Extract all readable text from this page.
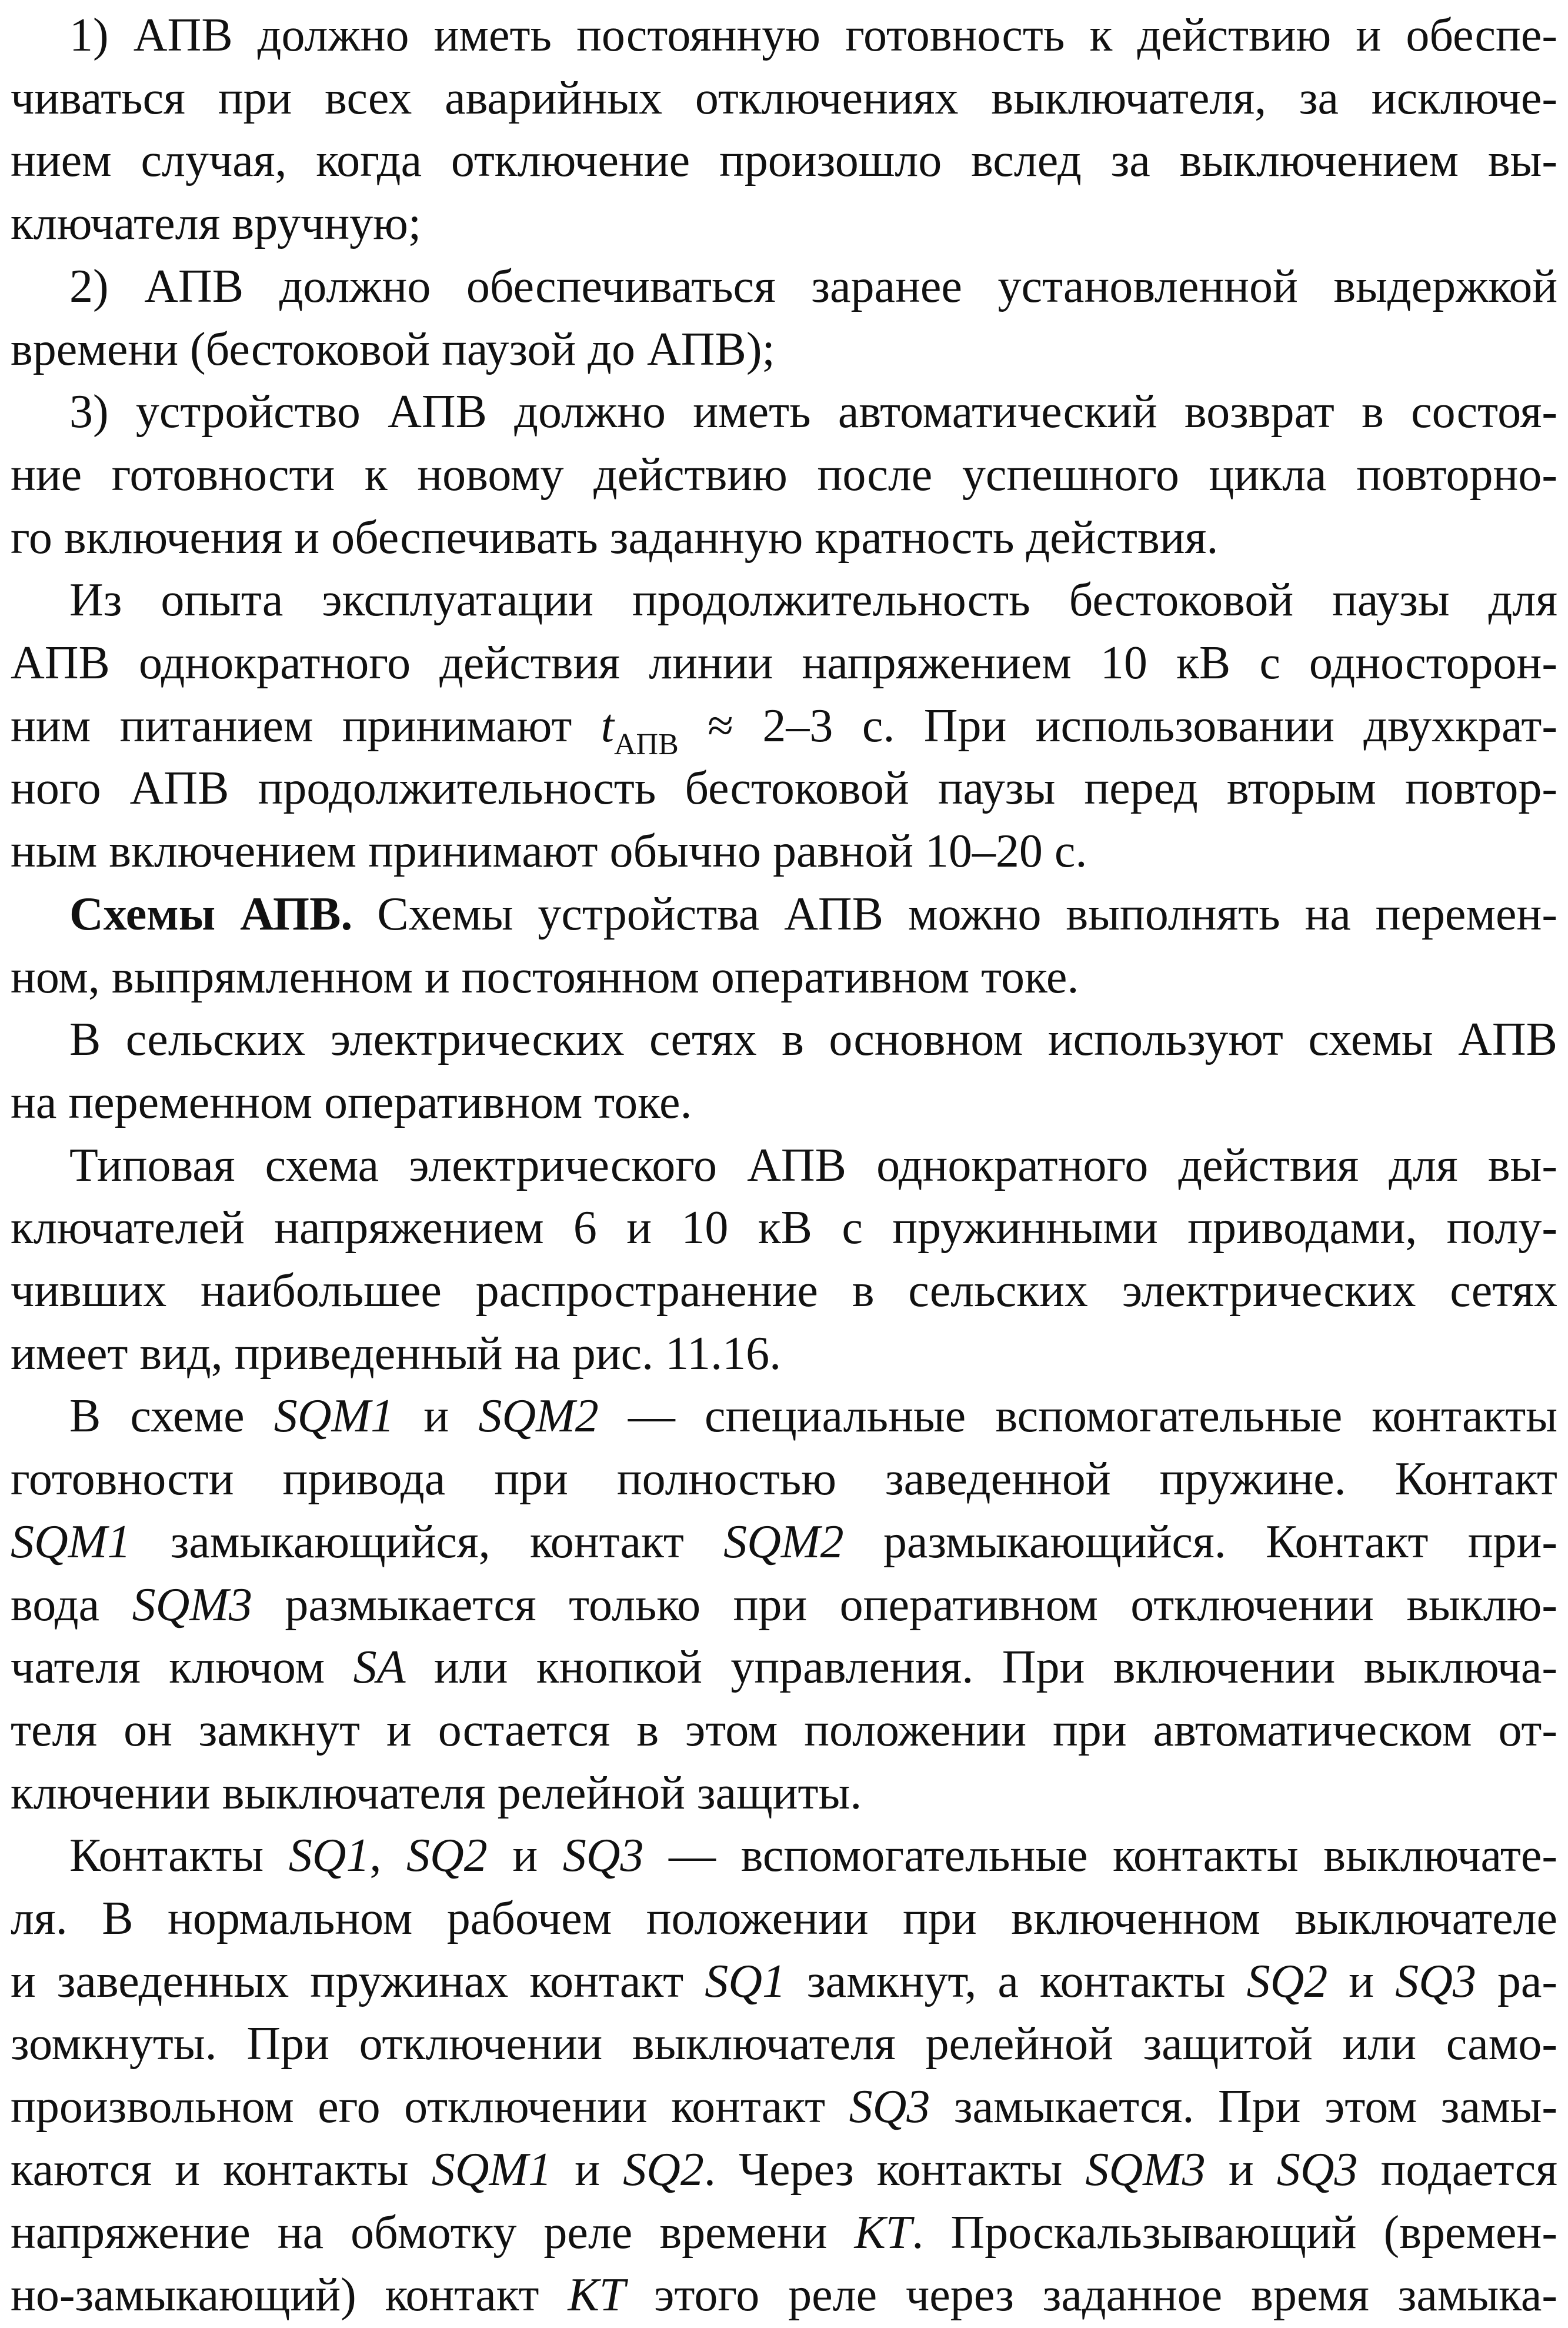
1) АПВ должно иметь постоянную готовность к действию и обеспе-
чиваться при всех аварийных отключениях выключателя, за исключе-
нием случая, когда отключение произошло вслед за выключением вы-
ключателя вручную;
2) АПВ должно обеспечиваться заранее установленной выдержкой
времени (бестоковой паузой до АПВ);
3) устройство АПВ должно иметь автоматический возврат в состоя-
ние готовности к новому действию после успешного цикла повторно-
го включения и обеспечивать заданную кратность действия.
Из опыта эксплуатации продолжительность бестоковой паузы для
АПВ однократного действия линии напряжением 10 кВ с односторон-
ним питанием принимают $t_{АПВ} \approx 2-3$ с. При использовании двухкрат-
ного АПВ продолжительность бестоковой паузы перед вторым повтор-
ным включением принимают обычно равной 10–20 с.
Схемы АПВ. Схемы устройства АПВ можно выполнять на перемен-
ном, выпрямленном и постоянном оперативном токе.
В сельских электрических сетях в основном используют схемы АПВ
на переменном оперативном токе.
Типовая схема электрического АПВ однократного действия для вы-
ключателей напряжением 6 и 10 кВ с пружинными приводами, полу-
чивших наибольшее распространение в сельских электрических сетях
имеет вид, приведенный на рис. 11.16.
В схеме SQM1 и SQM2 — специальные вспомогательные контакты
готовности привода при полностью заведенной пружине. Контакт
SQM1 замыкающийся, контакт SQM2 размыкающийся. Контакт при-
вода SQM3 размыкается только при оперативном отключении выклю-
чателя ключом SA или кнопкой управления. При включении выключа-
теля он замкнут и остается в этом положении при автоматическом от-
ключении выключателя релейной защиты.
Контакты SQ1, SQ2 и SQ3 — вспомогательные контакты выключате-
ля. В нормальном рабочем положении при включенном выключателе
и заведенных пружинах контакт SQ1 замкнут, а контакты SQ2 и SQ3 ра-
зомкнуты. При отключении выключателя релейной защитой или само-
произвольном его отключении контакт SQ3 замыкается. При этом замы-
каются и контакты SQM1 и SQ2. Через контакты SQM3 и SQ3 подается
напряжение на обмотку реле времени KT. Проскальзывающий (времен-
но-замыкающий) контакт KT этого реле через заданное время замыка-
